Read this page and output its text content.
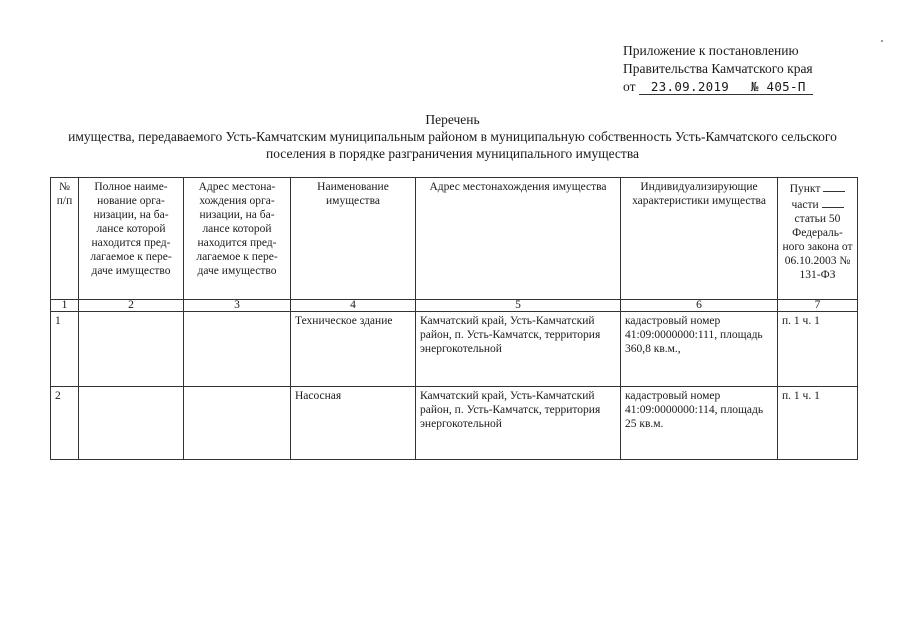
Приложение к постановлению
Правительства Камчатского края
от 23.09.2019 № 405-П
Перечень
имущества, передаваемого Усть-Камчатским муниципальным районом в муниципальную собственность Усть-Камчатского сельского поселения в порядке разграничения муниципального имущества
№ п/п	Полное наиме-нование орга-низации, на ба-лансе которой находится пред-лагаемое к пере-даче имущество	Адрес местона-хождения орга-низации, на ба-лансе которой находится пред-лагаемое к пере-даче имущество	Наименование имущества	Адрес местонахождения имущества	Индивидуализирующие характеристики имущества	Пункт
части
статьи 50 Федераль-ного закона от 06.10.2003 № 131-ФЗ
1	2	3	4	5	6	7
1			Техническое здание	Камчатский край, Усть-Камчатский район, п. Усть-Камчатск, территория энергокотельной	кадастровый номер 41:09:0000000:111, площадь 360,8 кв.м.,	п. 1 ч. 1
2			Насосная	Камчатский край, Усть-Камчатский район, п. Усть-Камчатск, территория энергокотельной	кадастровый номер 41:09:0000000:114, площадь 25 кв.м.	п. 1 ч. 1
